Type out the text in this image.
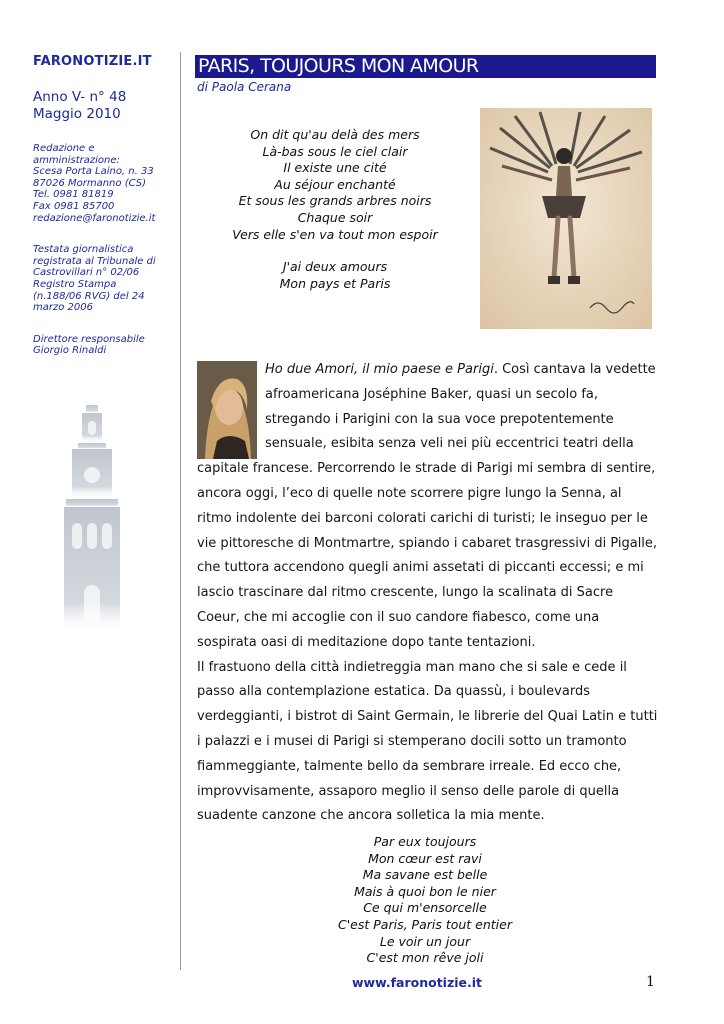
FARONOTIZIE.IT
Anno V- n° 48
Maggio 2010
Redazione e
amministrazione:
Scesa Porta Laino, n. 33
87026 Mormanno (CS)
Tel. 0981 81819
Fax 0981 85700
redazione@faronotizie.it
Testata giornalistica
registrata al Tribunale di
Castrovillari n° 02/06
Registro Stampa
(n.188/06 RVG) del 24
marzo 2006
Direttore responsabile
Giorgio Rinaldi
PARIS, TOUJOURS MON AMOUR
di Paola Cerana
On dit qu'au delà des mers
Là-bas sous le ciel clair
Il existe une cité
Au séjour enchanté
Et sous les grands arbres noirs
Chaque soir
Vers elle s'en va tout mon espoir
J'ai deux amours
Mon pays et Paris

Ho due Amori, il mio paese e Parigi. Così cantava la vedette afroamericana Joséphine Baker, quasi un secolo fa, stregando i Parigini con la sua voce prepotentemente sensuale, esibita senza veli nei più eccentrici teatri della capitale francese. Percorrendo le strade di Parigi mi sembra di sentire, ancora oggi, l’eco di quelle note scorrere pigre lungo la Senna, al ritmo indolente dei barconi colorati carichi di turisti; le inseguo per le vie pittoresche di Montmartre, spiando i cabaret trasgressivi di Pigalle, che tuttora accendono quegli animi assetati di piccanti eccessi; e mi lascio trascinare dal ritmo crescente, lungo la scalinata di Sacre Coeur, che mi accoglie con il suo candore fiabesco, come una sospirata oasi di meditazione dopo tante tentazioni.

Il frastuono della città indietreggia man mano che si sale e cede il passo alla contemplazione estatica. Da quassù, i boulevards verdeggianti, i bistrot di Saint Germain, le librerie del Quai Latin e tutti i palazzi e i musei di Parigi si stemperano docili sotto un tramonto fiammeggiante, talmente bello da sembrare irreale. Ed ecco che, improvvisamente, assaporo meglio il senso delle parole di quella suadente canzone che ancora solletica la mia mente.

Par eux toujours
Mon cœur est ravi
Ma savane est belle
Mais à quoi bon le nier
Ce qui m'ensorcelle
C'est Paris, Paris tout entier
Le voir un jour
C'est mon rêve joli
www.faronotizie.it	1
